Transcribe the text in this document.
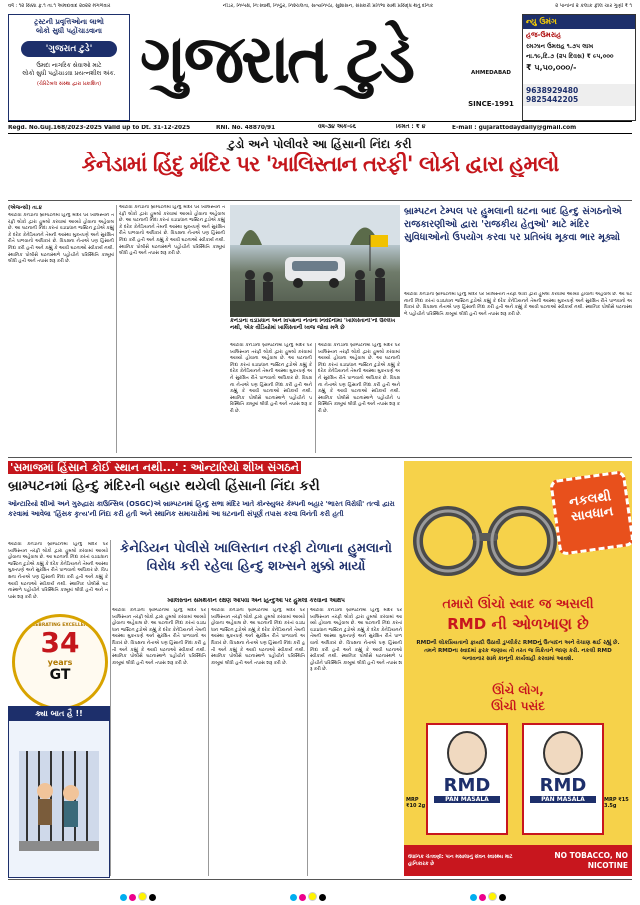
વર્ષ : ૧૨ સિક્કા ફ.૧ તા.૧ અમદાવાદ ૨૦૨૨ મંગળવાર	નીડર, નિષ્પક્ષ, નિઃસ્વાર્થ, નિષ્ઠુર, નિશ્ચલતા, સત્યનિષ્ઠા, સુશાસન, સંસ્કારી પ્રતિભા સાથે પ્રસિદ્ધ થતું દૈનિક	૨ પાનાંનો ૨ કલાક ફીલ ચાર ગુણી ₹ ૧
ટ્રસ્ટની પ્રવૃત્તિઓના લાભો
લોકો સુધી પહોંચાડવાના
'ગુજરાત ટુડે'
ઉમદા નાગરિક સેવાઓ માટે
લોકો સુધી પહોંચાડવા પ્રયત્નશીલ અંક.
(ચેરિટેબલ સંસ્થા દ્વારા પ્રકાશિત) ગુજરાત ટુડે	AHMEDABAD
SINCE-1991
ન્યુ ઉમંગ
હજ-ઉમરાહ
રમઝાન ઉમરાહ ૧.૭૫ લાખ
ના.૧૯,દિ.૭ (૨૫ દિવસ) ₹ ૯૫,૦૦૦
₹ ૫,૫૦,૦૦૦/-
9638929480 9825442205
Regd. No.Guj.168/2023-2025 Valid up to Dt. 31-12-2025	RNI. No. 48870/91	વર્ષ-૩૪ અંક-૯૬	કિંમત : ₹ ૪	E-mail : gujarattodaydaily@gmail.com
ટુડો અને પોલીવરે આ હિંસાની નિંદા કરી
કેનેડામાં હિંદુ મંદિર પર 'ખાલિસ્તાન તરફી' લોકો દ્વારા હુમલો
(એજન્સી) તા.૪
ઓટાવા કેનેડાના બ્રામ્પટનમાં હિન્દુ મંદિર પર ખાલિસ્તાન તરફી લોકો દ્વારા હુમલો કરવામાં આવ્યો હોવાના અહેવાલ છે. આ ઘટનાની નિંદા કરતાં વડાપ્રધાન જસ્ટિન ટુડોએ કહ્યું કે દરેક કેનેડિયનને તેમની આસ્થા મુક્તપણે અને સુરક્ષિત રીતે પાળવાનો અધિકાર છે. વિપક્ષના નેતાએ પણ હિંસાની નિંદા કરી હતી અને કહ્યું કે આવી ઘટનાઓ સ્વીકાર્ય નથી. સ્થાનિક પોલીસે ઘટનાસ્થળે પહોંચીને પરિસ્થિતિ કાબૂમાં લીધી હતી અને તપાસ શરૂ કરી છે.
ઓટાવા કેનેડાના બ્રામ્પટનમાં હિન્દુ મંદિર પર ખાલિસ્તાન તરફી લોકો દ્વારા હુમલો કરવામાં આવ્યો હોવાના અહેવાલ છે. આ ઘટનાની નિંદા કરતાં વડાપ્રધાન જસ્ટિન ટુડોએ કહ્યું કે દરેક કેનેડિયનને તેમની આસ્થા મુક્તપણે અને સુરક્ષિત રીતે પાળવાનો અધિકાર છે. વિપક્ષના નેતાએ પણ હિંસાની નિંદા કરી હતી અને કહ્યું કે આવી ઘટનાઓ સ્વીકાર્ય નથી. સ્થાનિક પોલીસે ઘટનાસ્થળે પહોંચીને પરિસ્થિતિ કાબૂમાં લીધી હતી અને તપાસ શરૂ કરી છે.
કેનેડાના વડાપ્રધાન અને વિપક્ષના નેતાના નિવેદનોમાં 'ખાલિસ્તાની'નો ઉલ્લેખ નથી, એક વીડિયોમાં ખાલિસ્તાની ધ્વજ જોવા મળે છે
બ્રામ્પટન ટેમ્પલ પર હુમલાની ઘટના બાદ હિન્દુ સંગઠનોએ રાજકારણીઓ દ્વારા 'રાજકીય હેતુઓ' માટે મંદિર સુવિધાઓનો ઉપયોગ કરવા પર પ્રતિબંધ મૂકવા ભાર મૂક્યો
ઓટાવા કેનેડાના બ્રામ્પટનમાં હિન્દુ મંદિર પર ખાલિસ્તાન તરફી લોકો દ્વારા હુમલો કરવામાં આવ્યો હોવાના અહેવાલ છે. આ ઘટનાની નિંદા કરતાં વડાપ્રધાન જસ્ટિન ટુડોએ કહ્યું કે દરેક કેનેડિયનને તેમની આસ્થા મુક્તપણે અને સુરક્ષિત રીતે પાળવાનો અધિકાર છે. વિપક્ષના નેતાએ પણ હિંસાની નિંદા કરી હતી અને કહ્યું કે આવી ઘટનાઓ સ્વીકાર્ય નથી. સ્થાનિક પોલીસે ઘટનાસ્થળે પહોંચીને પરિસ્થિતિ કાબૂમાં લીધી હતી અને તપાસ શરૂ કરી છે.
ઓટાવા કેનેડાના બ્રામ્પટનમાં હિન્દુ મંદિર પર ખાલિસ્તાન તરફી લોકો દ્વારા હુમલો કરવામાં આવ્યો હોવાના અહેવાલ છે. આ ઘટનાની નિંદા કરતાં વડાપ્રધાન જસ્ટિન ટુડોએ કહ્યું કે દરેક કેનેડિયનને તેમની આસ્થા મુક્તપણે અને સુરક્ષિત રીતે પાળવાનો અધિકાર છે. વિપક્ષના નેતાએ પણ હિંસાની નિંદા કરી હતી અને કહ્યું કે આવી ઘટનાઓ સ્વીકાર્ય નથી. સ્થાનિક પોલીસે ઘટનાસ્થળે પહોંચીને પરિસ્થિતિ કાબૂમાં લીધી હતી અને તપાસ શરૂ કરી છે.
ઓટાવા કેનેડાના બ્રામ્પટનમાં હિન્દુ મંદિર પર ખાલિસ્તાન તરફી લોકો દ્વારા હુમલો કરવામાં આવ્યો હોવાના અહેવાલ છે. આ ઘટનાની નિંદા કરતાં વડાપ્રધાન જસ્ટિન ટુડોએ કહ્યું કે દરેક કેનેડિયનને તેમની આસ્થા મુક્તપણે અને સુરક્ષિત રીતે પાળવાનો અધિકાર છે. વિપક્ષના નેતાએ પણ હિંસાની નિંદા કરી હતી અને કહ્યું કે આવી ઘટનાઓ સ્વીકાર્ય નથી. સ્થાનિક પોલીસે ઘટનાસ્થળે પહોંચીને પરિસ્થિતિ કાબૂમાં લીધી હતી અને તપાસ શરૂ કરી છે.
'સમાજમાં હિંસાને કોઈ સ્થાન નથી...' : ઓન્ટારિયો શીખ સંગઠને
બ્રામ્પટનમાં હિન્દુ મંદિરની બહાર થયેલી હિંસાની નિંદા કરી
ઓન્ટારિયો શીખો અને ગુરુદ્વારા કાઉન્સિલ (OSGC)એ બ્રામ્પટનમાં હિન્દુ સભા મંદિર ખાતે કોન્સ્યુલર કેમ્પની બહાર 'ભારત વિરોધી' તત્વો દ્વારા કરવામાં આવેલા 'હિંસક કૃત્ય'ની નિંદા કરી હતી અને સ્થાનિક સમાચારોમાં આ ઘટનાની સંપૂર્ણ તપાસ કરવા વિનંતી કરી હતી
ઓટાવા કેનેડાના બ્રામ્પટનમાં હિન્દુ મંદિર પર ખાલિસ્તાન તરફી લોકો દ્વારા હુમલો કરવામાં આવ્યો હોવાના અહેવાલ છે. આ ઘટનાની નિંદા કરતાં વડાપ્રધાન જસ્ટિન ટુડોએ કહ્યું કે દરેક કેનેડિયનને તેમની આસ્થા મુક્તપણે અને સુરક્ષિત રીતે પાળવાનો અધિકાર છે. વિપક્ષના નેતાએ પણ હિંસાની નિંદા કરી હતી અને કહ્યું કે આવી ઘટનાઓ સ્વીકાર્ય નથી. સ્થાનિક પોલીસે ઘટનાસ્થળે પહોંચીને પરિસ્થિતિ કાબૂમાં લીધી હતી અને તપાસ શરૂ કરી છે.
કેનેડિયન પોલીસે ખાલિસ્તાન તરફી ટોળાના હુમલાનો વિરોધ કરી રહેલા હિન્દુ શખ્સને મુક્કો માર્યો
ખાલિસ્તાન સમર્થકોને રક્ષણ આપવા અને હિન્દુઓ પર હુમલો કરવાનો આક્ષેપ
CELEBRATING EXCELLENCE
34
years
GT
ક્યા બાત હૈ !!
ઓટાવા કેનેડાના બ્રામ્પટનમાં હિન્દુ મંદિર પર ખાલિસ્તાન તરફી લોકો દ્વારા હુમલો કરવામાં આવ્યો હોવાના અહેવાલ છે. આ ઘટનાની નિંદા કરતાં વડાપ્રધાન જસ્ટિન ટુડોએ કહ્યું કે દરેક કેનેડિયનને તેમની આસ્થા મુક્તપણે અને સુરક્ષિત રીતે પાળવાનો અધિકાર છે. વિપક્ષના નેતાએ પણ હિંસાની નિંદા કરી હતી અને કહ્યું કે આવી ઘટનાઓ સ્વીકાર્ય નથી. સ્થાનિક પોલીસે ઘટનાસ્થળે પહોંચીને પરિસ્થિતિ કાબૂમાં લીધી હતી અને તપાસ શરૂ કરી છે.
ઓટાવા કેનેડાના બ્રામ્પટનમાં હિન્દુ મંદિર પર ખાલિસ્તાન તરફી લોકો દ્વારા હુમલો કરવામાં આવ્યો હોવાના અહેવાલ છે. આ ઘટનાની નિંદા કરતાં વડાપ્રધાન જસ્ટિન ટુડોએ કહ્યું કે દરેક કેનેડિયનને તેમની આસ્થા મુક્તપણે અને સુરક્ષિત રીતે પાળવાનો અધિકાર છે. વિપક્ષના નેતાએ પણ હિંસાની નિંદા કરી હતી અને કહ્યું કે આવી ઘટનાઓ સ્વીકાર્ય નથી. સ્થાનિક પોલીસે ઘટનાસ્થળે પહોંચીને પરિસ્થિતિ કાબૂમાં લીધી હતી અને તપાસ શરૂ કરી છે.
ઓટાવા કેનેડાના બ્રામ્પટનમાં હિન્દુ મંદિર પર ખાલિસ્તાન તરફી લોકો દ્વારા હુમલો કરવામાં આવ્યો હોવાના અહેવાલ છે. આ ઘટનાની નિંદા કરતાં વડાપ્રધાન જસ્ટિન ટુડોએ કહ્યું કે દરેક કેનેડિયનને તેમની આસ્થા મુક્તપણે અને સુરક્ષિત રીતે પાળવાનો અધિકાર છે. વિપક્ષના નેતાએ પણ હિંસાની નિંદા કરી હતી અને કહ્યું કે આવી ઘટનાઓ સ્વીકાર્ય નથી. સ્થાનિક પોલીસે ઘટનાસ્થળે પહોંચીને પરિસ્થિતિ કાબૂમાં લીધી હતી અને તપાસ શરૂ કરી છે.
નકલથી
સાવધાન
તમારો ઊંચો સ્વાદ જ અસલી
RMD ની ઓળખાણ છે
RMDની લોકપ્રિયતાનો ફાયદો ઉઠાવી ડુપ્લીકેટ RMDનું ઉત્પાદન અને વેચાણ થઈ રહ્યું છે. તમને RMDના સ્વાદમાં ફરક જણાય તો તરત જ વિક્રેતાને જાણ કરો. નકલી RMD બનાવનાર સામે કાનૂની કાર્યવાહી કરવામાં આવશે.
ઊંચે લોગ,
ઊંચી પસંદ
RMD
PAN MASALA
MRP ₹10 2g
RMD
PAN MASALA	MRP ₹15 3.5g
વૈધાનિક ચેતવણી: પાન મસાલાનું સેવન સ્વાસ્થ્ય માટે હાનિકારક છે
NO TOBACCO, NO NICOTINE
